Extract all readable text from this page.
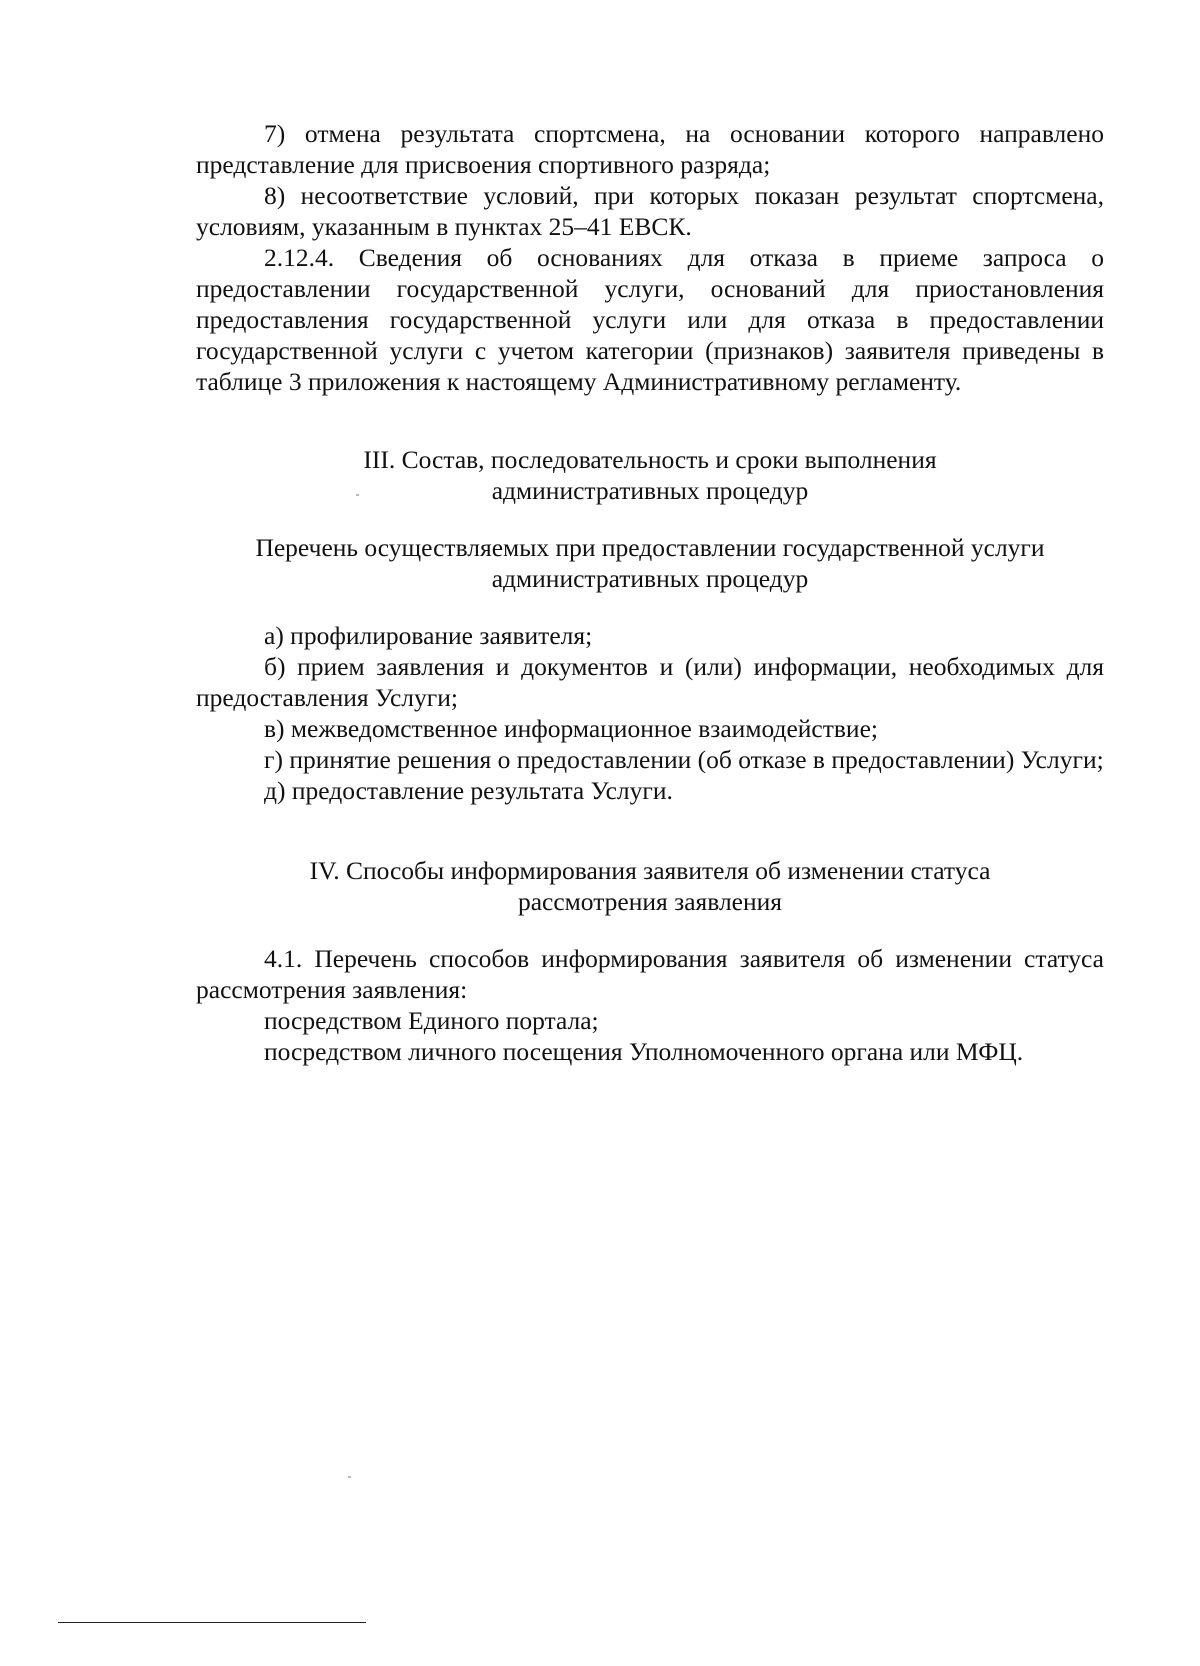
7) отмена результата спортсмена, на основании которого направлено представление для присвоения спортивного разряда;

8) несоответствие условий, при которых показан результат спортсмена, условиям, указанным в пунктах 25–41 ЕВСК.

2.12.4. Сведения об основаниях для отказа в приеме запроса о предоставлении государственной услуги, оснований для приостановления предоставления государственной услуги или для отказа в предоставлении государственной услуги с учетом категории (признаков) заявителя приведены в таблице 3 приложения к настоящему Административному регламенту.

III. Состав, последовательность и сроки выполнения
административных процедур
Перечень осуществляемых при предоставлении государственной услуги
административных процедур

а) профилирование заявителя;

б) прием заявления и документов и (или) информации, необходимых для предоставления Услуги;

в) межведомственное информационное взаимодействие;

г) принятие решения о предоставлении (об отказе в предоставлении) Услуги;

д) предоставление результата Услуги.

IV. Способы информирования заявителя об изменении статуса
рассмотрения заявления

4.1. Перечень способов информирования заявителя об изменении статуса рассмотрения заявления:

посредством Единого портала;

посредством личного посещения Уполномоченного органа или МФЦ.
